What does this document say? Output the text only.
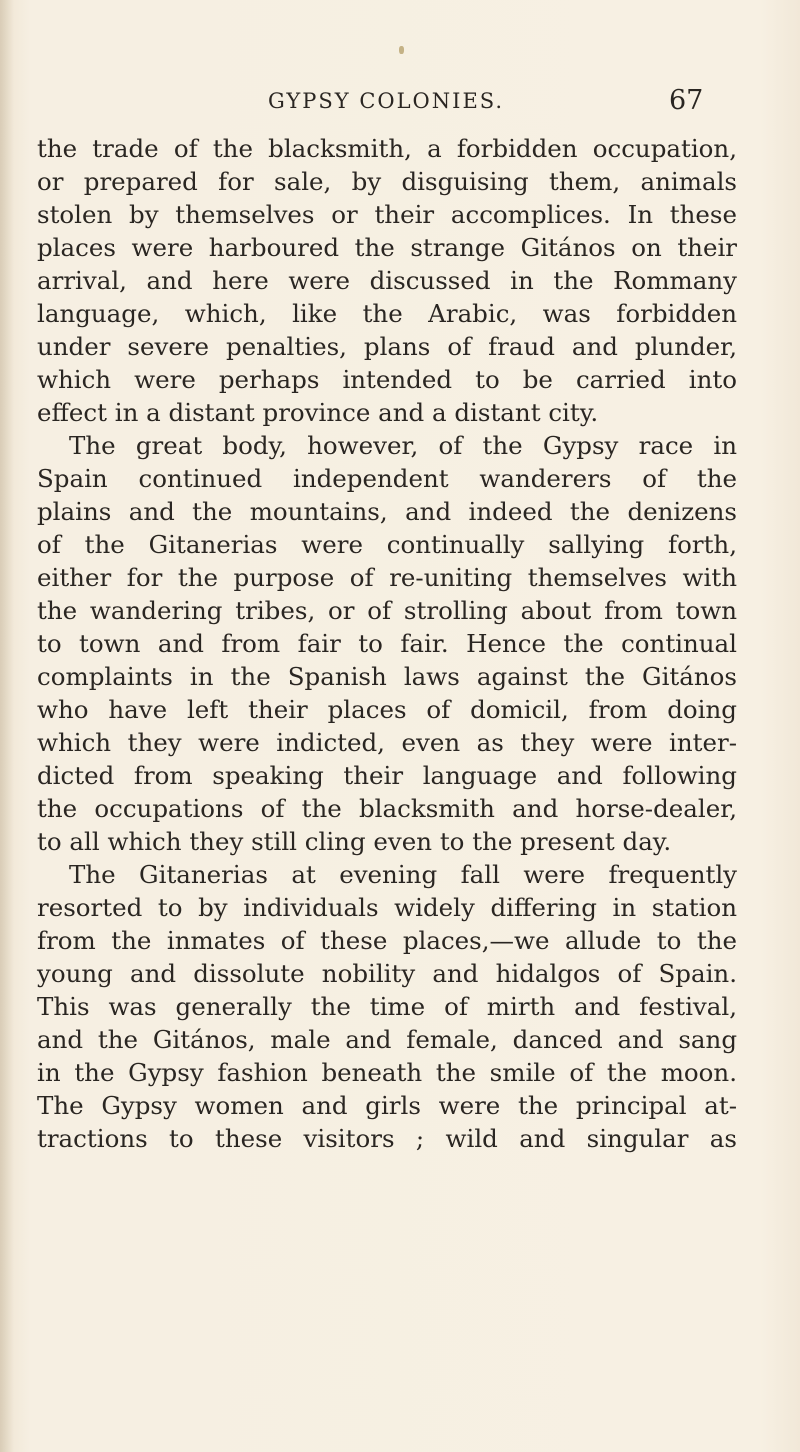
GYPSY COLONIES.	67
the trade of the blacksmith, a forbidden occupation,
or prepared for sale, by disguising them, animals
stolen by themselves or their accomplices. In these
places were harboured the strange Gitános on their
arrival, and here were discussed in the Rommany
language, which, like the Arabic, was forbidden
under severe penalties, plans of fraud and plunder,
which were perhaps intended to be carried into
effect in a distant province and a distant city.
The great body, however, of the Gypsy race in
Spain continued independent wanderers of the
plains and the mountains, and indeed the denizens
of the Gitanerias were continually sallying forth,
either for the purpose of re-uniting themselves with
the wandering tribes, or of strolling about from town
to town and from fair to fair. Hence the continual
complaints in the Spanish laws against the Gitános
who have left their places of domicil, from doing
which they were indicted, even as they were inter-
dicted from speaking their language and following
the occupations of the blacksmith and horse-dealer,
to all which they still cling even to the present day.
The Gitanerias at evening fall were frequently
resorted to by individuals widely differing in station
from the inmates of these places,—we allude to the
young and dissolute nobility and hidalgos of Spain.
This was generally the time of mirth and festival,
and the Gitános, male and female, danced and sang
in the Gypsy fashion beneath the smile of the moon.
The Gypsy women and girls were the principal at-
tractions to these visitors ; wild and singular as
